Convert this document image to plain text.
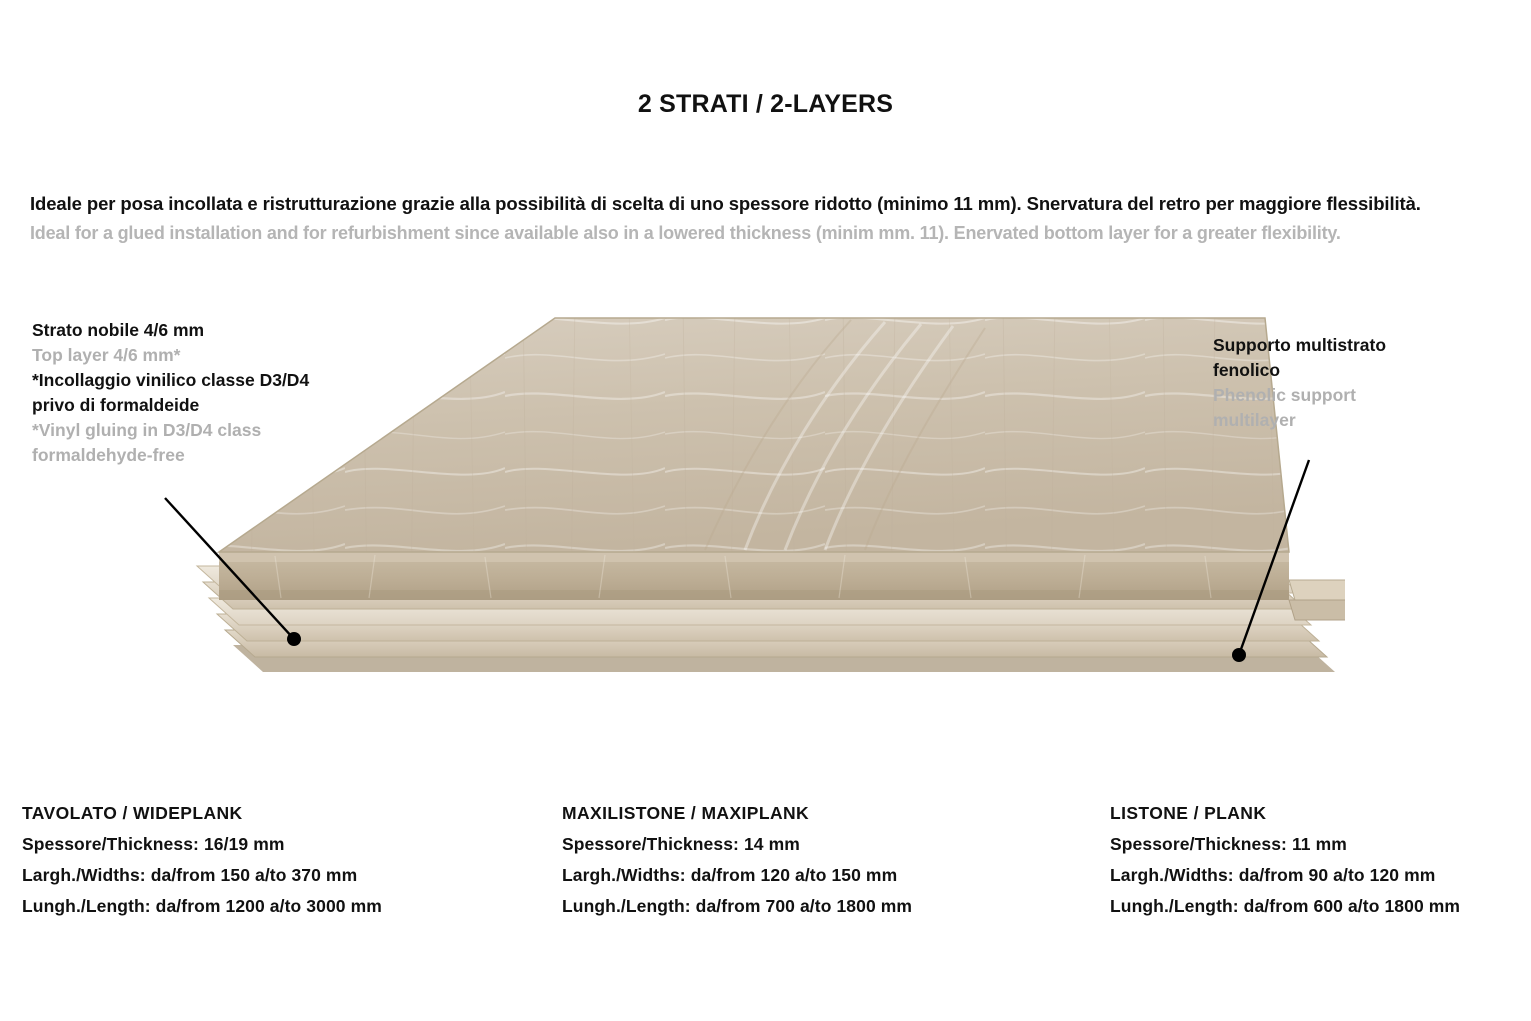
2 STRATI / 2-LAYERS
Ideale per posa incollata e ristrutturazione grazie alla possibilità di scelta di uno spessore ridotto (minimo 11 mm). Snervatura del retro per maggiore flessibilità.
Ideal for a glued installation and for refurbishment since available also in a lowered thickness (minim mm. 11). Enervated bottom layer for a greater flexibility.
Strato nobile 4/6 mm
Top layer 4/6 mm*
*Incollaggio vinilico classe D3/D4
privo di formaldeide
*Vinyl gluing in D3/D4 class
formaldehyde-free
Supporto multistrato
fenolico
Phenolic support
multilayer
TAVOLATO / WIDEPLANK
Spessore/Thickness: 16/19 mm
Largh./Widths: da/from 150 a/to 370 mm
Lungh./Length: da/from 1200 a/to 3000 mm
MAXILISTONE / MAXIPLANK
Spessore/Thickness: 14 mm
Largh./Widths: da/from 120 a/to 150 mm
Lungh./Length: da/from 700 a/to 1800 mm
LISTONE / PLANK
Spessore/Thickness: 11 mm
Largh./Widths: da/from 90 a/to 120 mm
Lungh./Length: da/from 600 a/to 1800 mm
